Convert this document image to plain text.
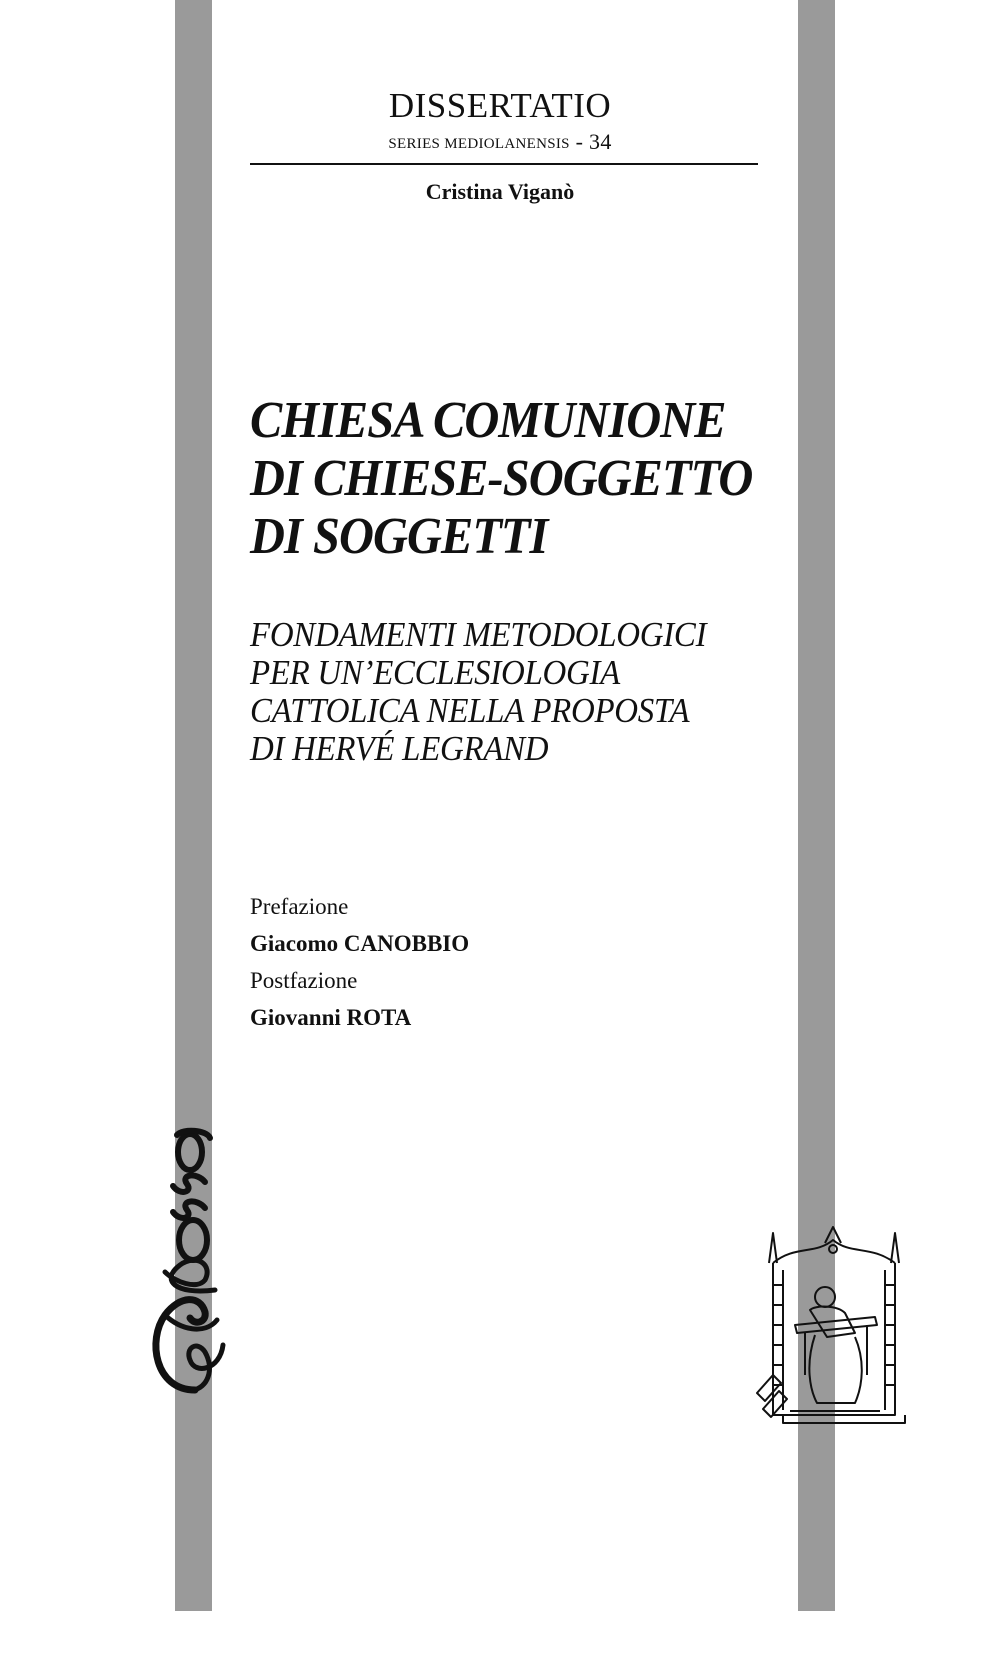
DISSERTATIO
SERIES MEDIOLANENSIS - 34
Cristina Viganò
CHIESA COMUNIONE
DI CHIESE-SOGGETTO
DI SOGGETTI
FONDAMENTI METODOLOGICI
PER UN’ECCLESIOLOGIA
CATTOLICA NELLA PROPOSTA
DI HERVÉ LEGRAND
Prefazione
Giacomo CANOBBIO
Postfazione
Giovanni ROTA
